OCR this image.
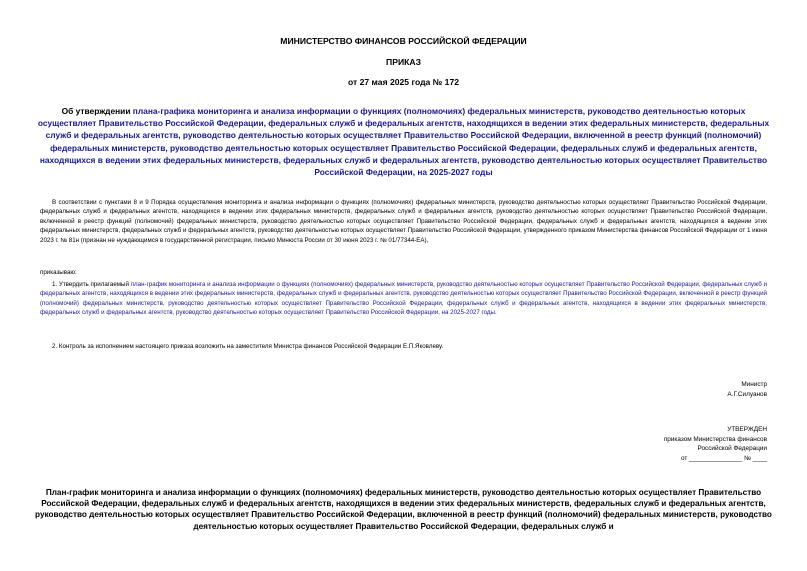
МИНИСТЕРСТВО ФИНАНСОВ РОССИЙСКОЙ ФЕДЕРАЦИИ
ПРИКАЗ
от 27 мая 2025 года № 172
Об утверждении плана-графика мониторинга и анализа информации о функциях (полномочиях) федеральных министерств, руководство деятельностью которых осуществляет Правительство Российской Федерации, федеральных служб и федеральных агентств, находящихся в ведении этих федеральных министерств, федеральных служб и федеральных агентств, руководство деятельностью которых осуществляет Правительство Российской Федерации, включенной в реестр функций (полномочий) федеральных министерств, руководство деятельностью которых осуществляет Правительство Российской Федерации, федеральных служб и федеральных агентств, находящихся в ведении этих федеральных министерств, федеральных служб и федеральных агентств, руководство деятельностью которых осуществляет Правительство Российской Федерации, на 2025-2027 годы
В соответствии с пунктами 8 и 9 Порядка осуществления мониторинга и анализа информации о функциях (полномочиях) федеральных министерств, руководство деятельностью которых осуществляет Правительство Российской Федерации, федеральных служб и федеральных агентств, находящихся в ведении этих федеральных министерств, федеральных служб и федеральных агентств, руководство деятельностью которых осуществляет Правительство Российской Федерации, включенной в реестр функций (полномочий) федеральных министерств, руководство деятельностью которых осуществляет Правительство Российской Федерации, федеральных служб и федеральных агентств, находящихся в ведении этих федеральных министерств, федеральных служб и федеральных агентств, руководство деятельностью которых осуществляет Правительство Российской Федерации, утвержденного приказом Министерства финансов Российской Федерации от 1 июня 2023 г. № 81н (признан не нуждающимся в государственной регистрации, письмо Минюста России от 30 июня 2023 г. № 01/77344-ЕА),
приказываю:
1. Утвердить прилагаемый план-график мониторинга и анализа информации о функциях (полномочиях) федеральных министерств, руководство деятельностью которых осуществляет Правительство Российской Федерации, федеральных служб и федеральных агентств, находящихся в ведении этих федеральных министерств, федеральных служб и федеральных агентств, руководство деятельностью которых осуществляет Правительство Российской Федерации, включенной в реестр функций (полномочий) федеральных министерств, руководство деятельностью которых осуществляет Правительство Российской Федерации, федеральных служб и федеральных агентств, находящихся в ведении этих федеральных министерств, федеральных служб и федеральных агентств, руководство деятельностью которых осуществляет Правительство Российской Федерации, на 2025-2027 годы.
2. Контроль за исполнением настоящего приказа возложить на заместителя Министра финансов Российской Федерации Е.П.Яковлеву.
Министр
А.Г.Силуанов
УТВЕРЖДЕН
приказом Министерства финансов
Российской Федерации
от _______________ № ____
План-график мониторинга и анализа информации о функциях (полномочиях) федеральных министерств, руководство деятельностью которых осуществляет Правительство Российской Федерации, федеральных служб и федеральных агентств, находящихся в ведении этих федеральных министерств, федеральных служб и федеральных агентств, руководство деятельностью которых осуществляет Правительство Российской Федерации, включенной в реестр функций (полномочий) федеральных министерств, руководство деятельностью которых осуществляет Правительство Российской Федерации, федеральных служб и
